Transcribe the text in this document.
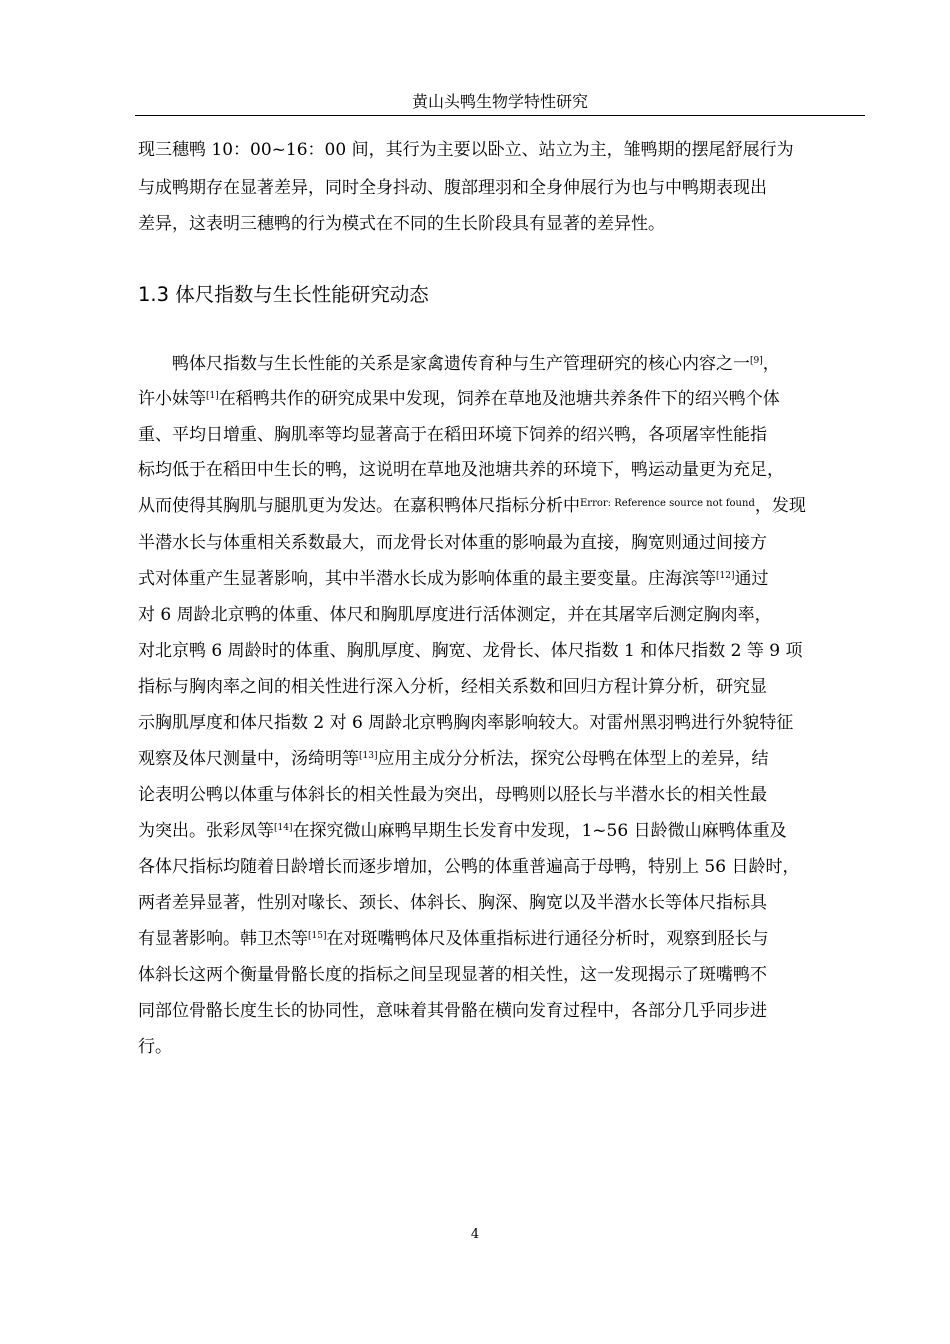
黄山头鸭生物学特性研究
现三穗鸭 10：00~16：00 间，其行为主要以卧立、站立为主，雏鸭期的摆尾舒展行为
与成鸭期存在显著差异，同时全身抖动、腹部理羽和全身伸展行为也与中鸭期表现出
差异，这表明三穗鸭的行为模式在不同的生长阶段具有显著的差异性。
1.3 体尺指数与生长性能研究动态
鸭体尺指数与生长性能的关系是家禽遗传育种与生产管理研究的核心内容之一[9]，
许小妹等[1]在稻鸭共作的研究成果中发现，饲养在草地及池塘共养条件下的绍兴鸭个体
重、平均日增重、胸肌率等均显著高于在稻田环境下饲养的绍兴鸭，各项屠宰性能指
标均低于在稻田中生长的鸭，这说明在草地及池塘共养的环境下，鸭运动量更为充足，
从而使得其胸肌与腿肌更为发达。在嘉积鸭体尺指标分析中$^{Error: Reference source not found}$，发现
半潜水长与体重相关系数最大，而龙骨长对体重的影响最为直接，胸宽则通过间接方
式对体重产生显著影响，其中半潜水长成为影响体重的最主要变量。庄海滨等[12]通过
对 6 周龄北京鸭的体重、体尺和胸肌厚度进行活体测定，并在其屠宰后测定胸肉率，
对北京鸭 6 周龄时的体重、胸肌厚度、胸宽、龙骨长、体尺指数 1 和体尺指数 2 等 9 项
指标与胸肉率之间的相关性进行深入分析，经相关系数和回归方程计算分析，研究显
示胸肌厚度和体尺指数 2 对 6 周龄北京鸭胸肉率影响较大。对雷州黑羽鸭进行外貌特征
观察及体尺测量中，汤绮明等[13]应用主成分分析法，探究公母鸭在体型上的差异，结
论表明公鸭以体重与体斜长的相关性最为突出，母鸭则以胫长与半潜水长的相关性最
为突出。张彩凤等[14]在探究微山麻鸭早期生长发育中发现，1~56 日龄微山麻鸭体重及
各体尺指标均随着日龄增长而逐步增加，公鸭的体重普遍高于母鸭，特别上 56 日龄时，
两者差异显著，性别对喙长、颈长、体斜长、胸深、胸宽以及半潜水长等体尺指标具
有显著影响。韩卫杰等[15]在对斑嘴鸭体尺及体重指标进行通径分析时，观察到胫长与
体斜长这两个衡量骨骼长度的指标之间呈现显著的相关性，这一发现揭示了斑嘴鸭不
同部位骨骼长度生长的协同性，意味着其骨骼在横向发育过程中，各部分几乎同步进
行。
4
